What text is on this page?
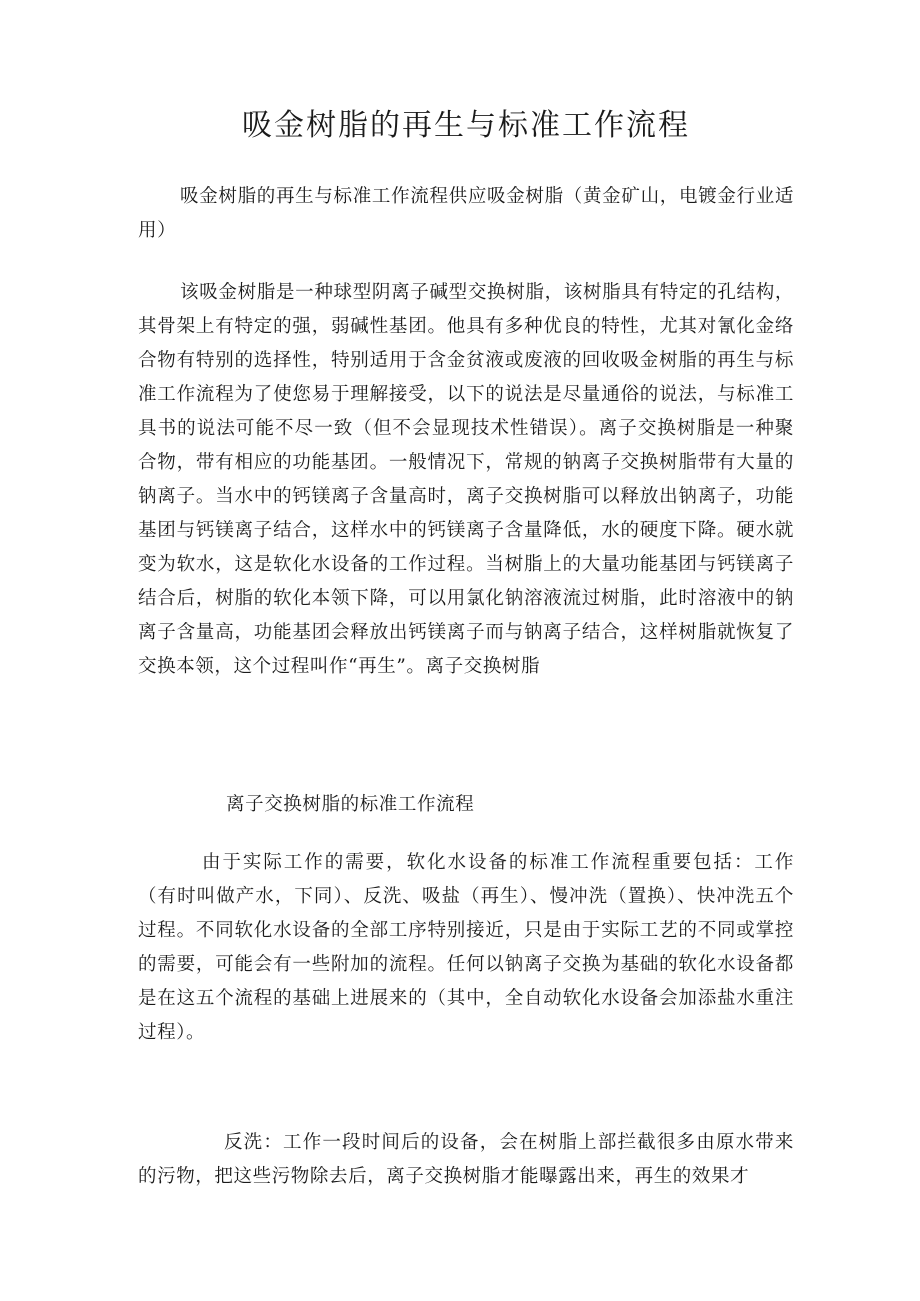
吸金树脂的再生与标准工作流程

吸金树脂的再生与标准工作流程供应吸金树脂（黄金矿山，电镀金行业适用）

该吸金树脂是一种球型阴离子碱型交换树脂，该树脂具有特定的孔结构，其骨架上有特定的强，弱碱性基团。他具有多种优良的特性，尤其对氰化金络合物有特别的选择性，特别适用于含金贫液或废液的回收吸金树脂的再生与标准工作流程为了使您易于理解接受，以下的说法是尽量通俗的说法，与标准工具书的说法可能不尽一致（但不会显现技术性错误）。离子交换树脂是一种聚合物，带有相应的功能基团。一般情况下，常规的钠离子交换树脂带有大量的钠离子。当水中的钙镁离子含量高时，离子交换树脂可以释放出钠离子，功能基团与钙镁离子结合，这样水中的钙镁离子含量降低，水的硬度下降。硬水就变为软水，这是软化水设备的工作过程。当树脂上的大量功能基团与钙镁离子结合后，树脂的软化本领下降，可以用氯化钠溶液流过树脂，此时溶液中的钠离子含量高，功能基团会释放出钙镁离子而与钠离子结合，这样树脂就恢复了交换本领，这个过程叫作“再生”。离子交换树脂

离子交换树脂的标准工作流程

由于实际工作的需要，软化水设备的标准工作流程重要包括：工作（有时叫做产水，下同）、反洗、吸盐（再生）、慢冲洗（置换）、快冲洗五个过程。不同软化水设备的全部工序特别接近，只是由于实际工艺的不同或掌控的需要，可能会有一些附加的流程。任何以钠离子交换为基础的软化水设备都是在这五个流程的基础上进展来的（其中，全自动软化水设备会加添盐水重注过程）。

反洗：工作一段时间后的设备，会在树脂上部拦截很多由原水带来的污物，把这些污物除去后，离子交换树脂才能曝露出来，再生的效果才
